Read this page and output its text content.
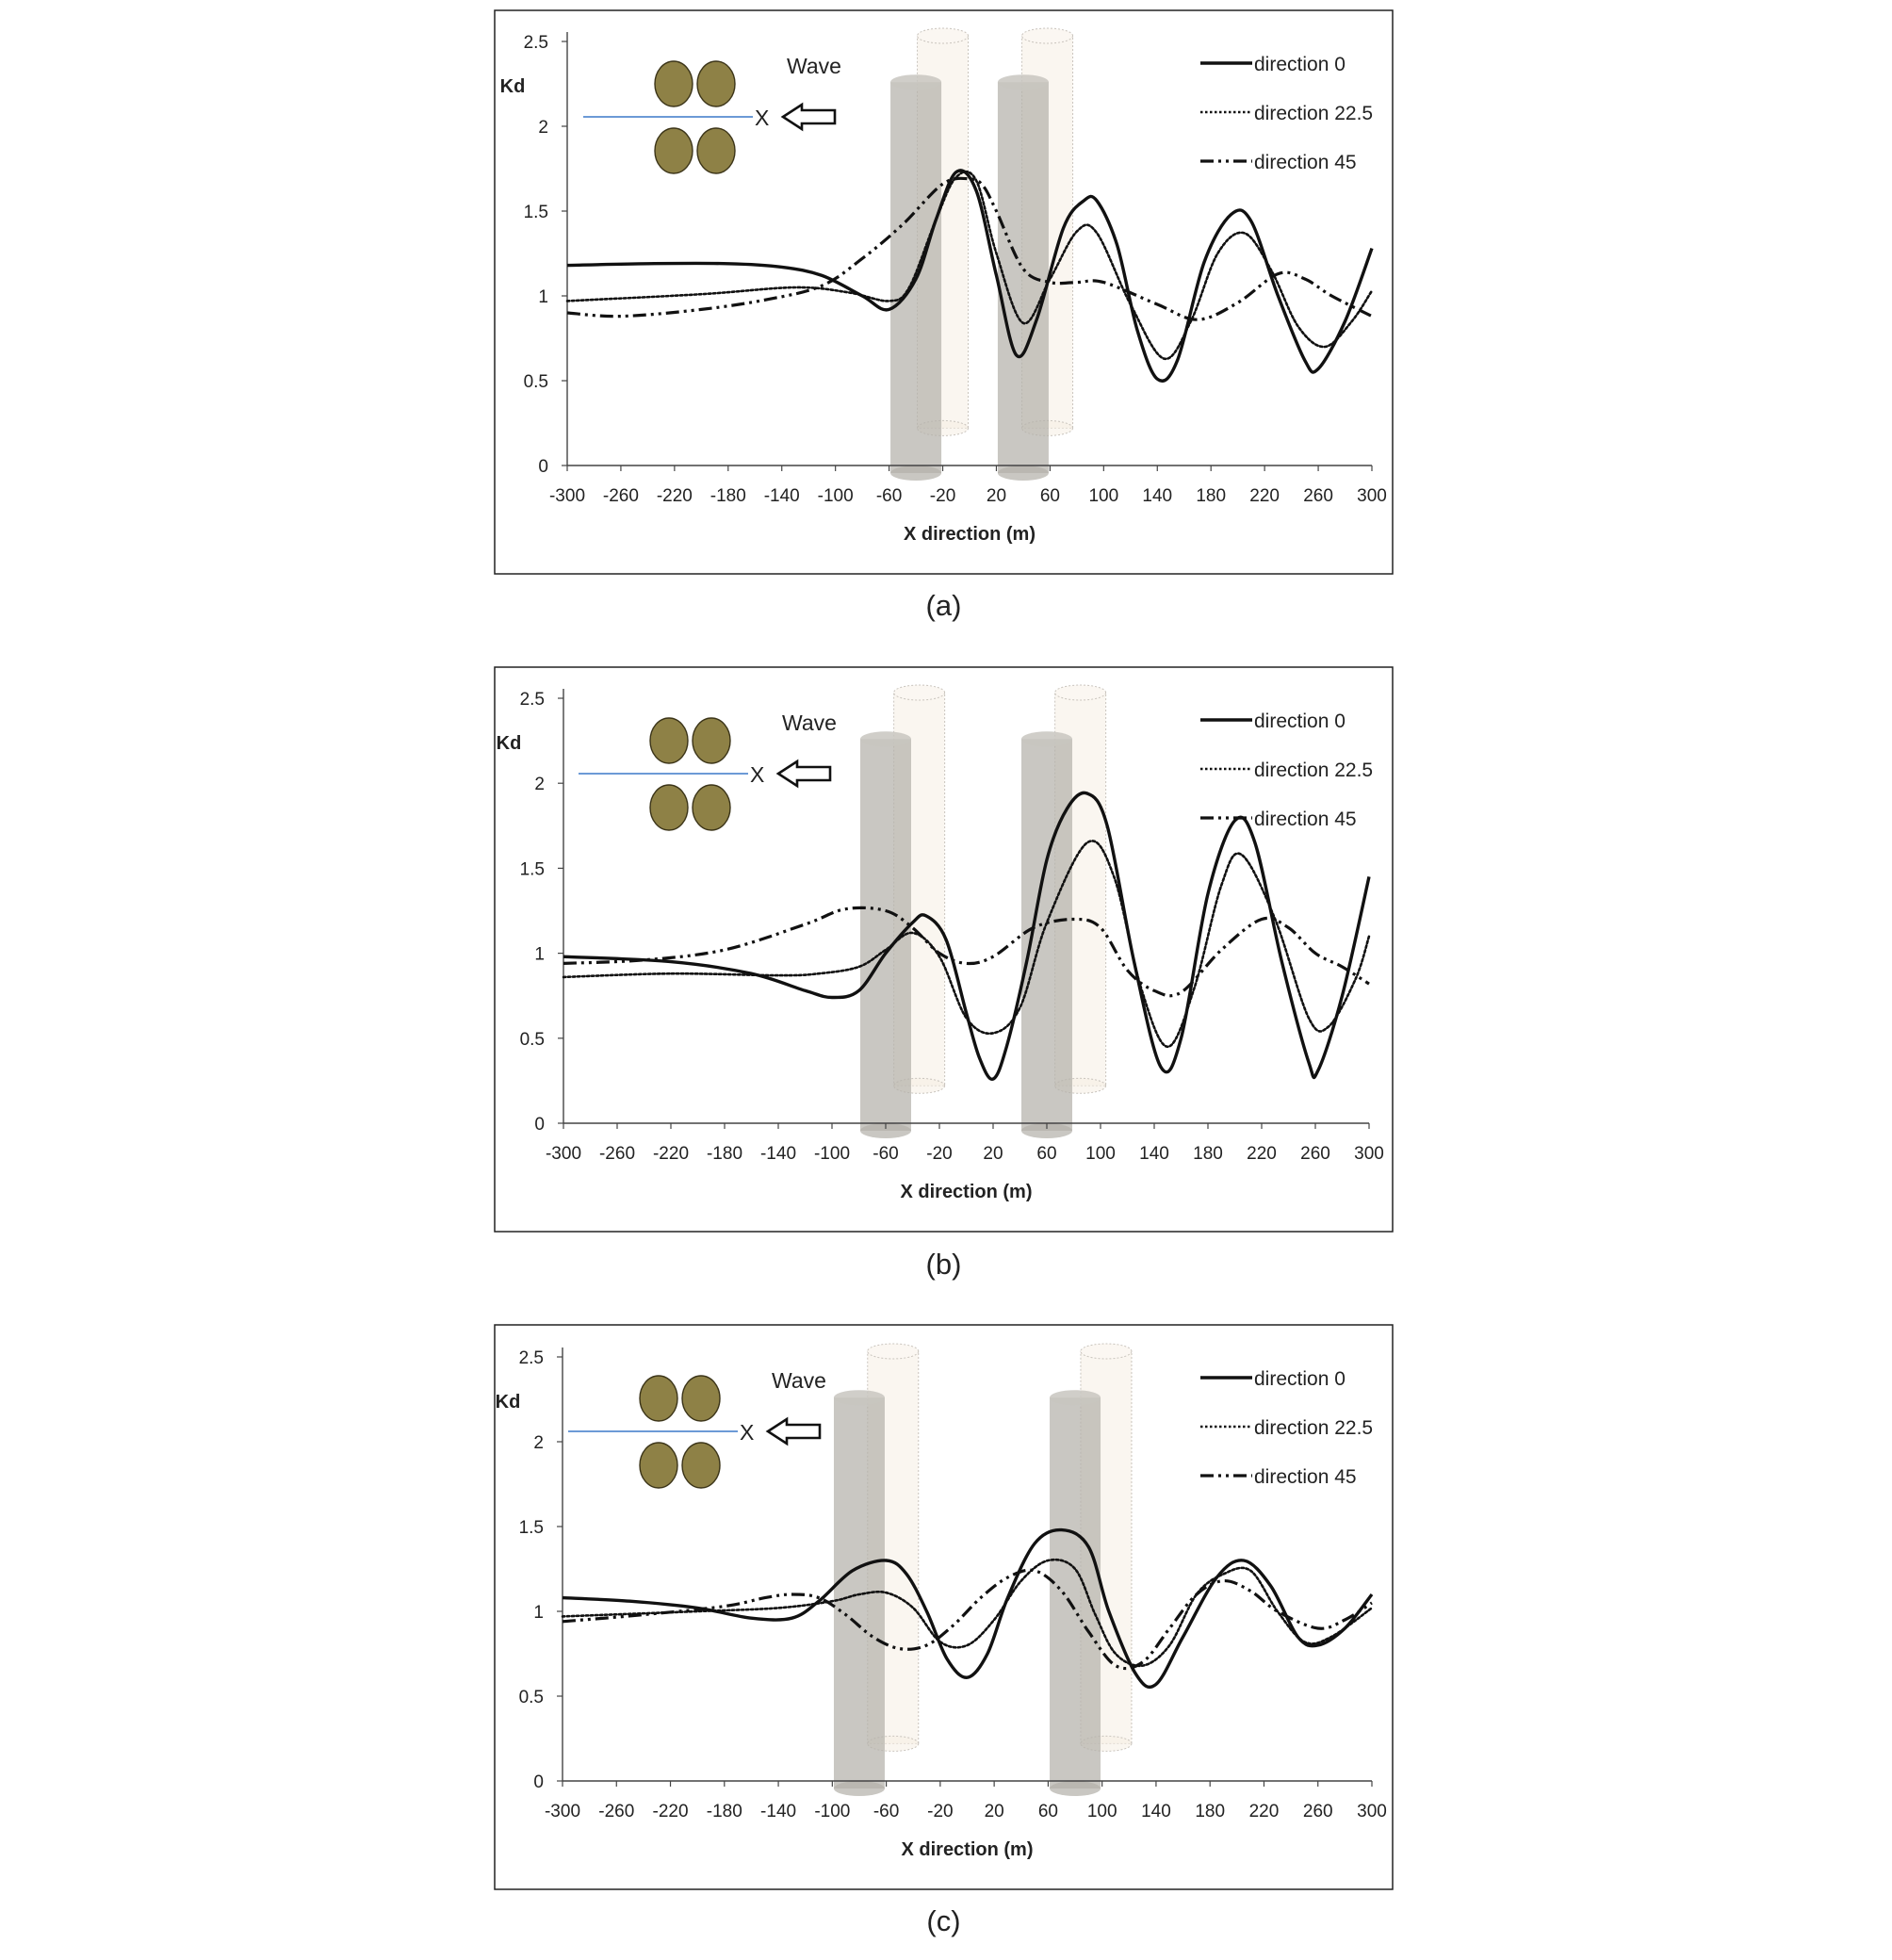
0
0.5
1
1.5
2
2.5
-300 -260 -220 -180 -140 -100 -60 -20 20 60 100 140 180 220 260 300
X direction (m)
Kd
direction 0
direction 22.5
direction 45
X
Wave
(a)
0
0.5
1
1.5
2
2.5
-300 -260 -220 -180 -140 -100 -60 -20 20 60 100 140 180 220 260 300
X direction (m)
Kd
direction 0
direction 22.5
direction 45
X
Wave
(b)
0
0.5
1
1.5
2
2.5
-300 -260 -220 -180 -140 -100 -60 -20 20 60 100 140 180 220 260 300
X direction (m)
Kd
direction 0
direction 22.5
direction 45
X
Wave
(c)
